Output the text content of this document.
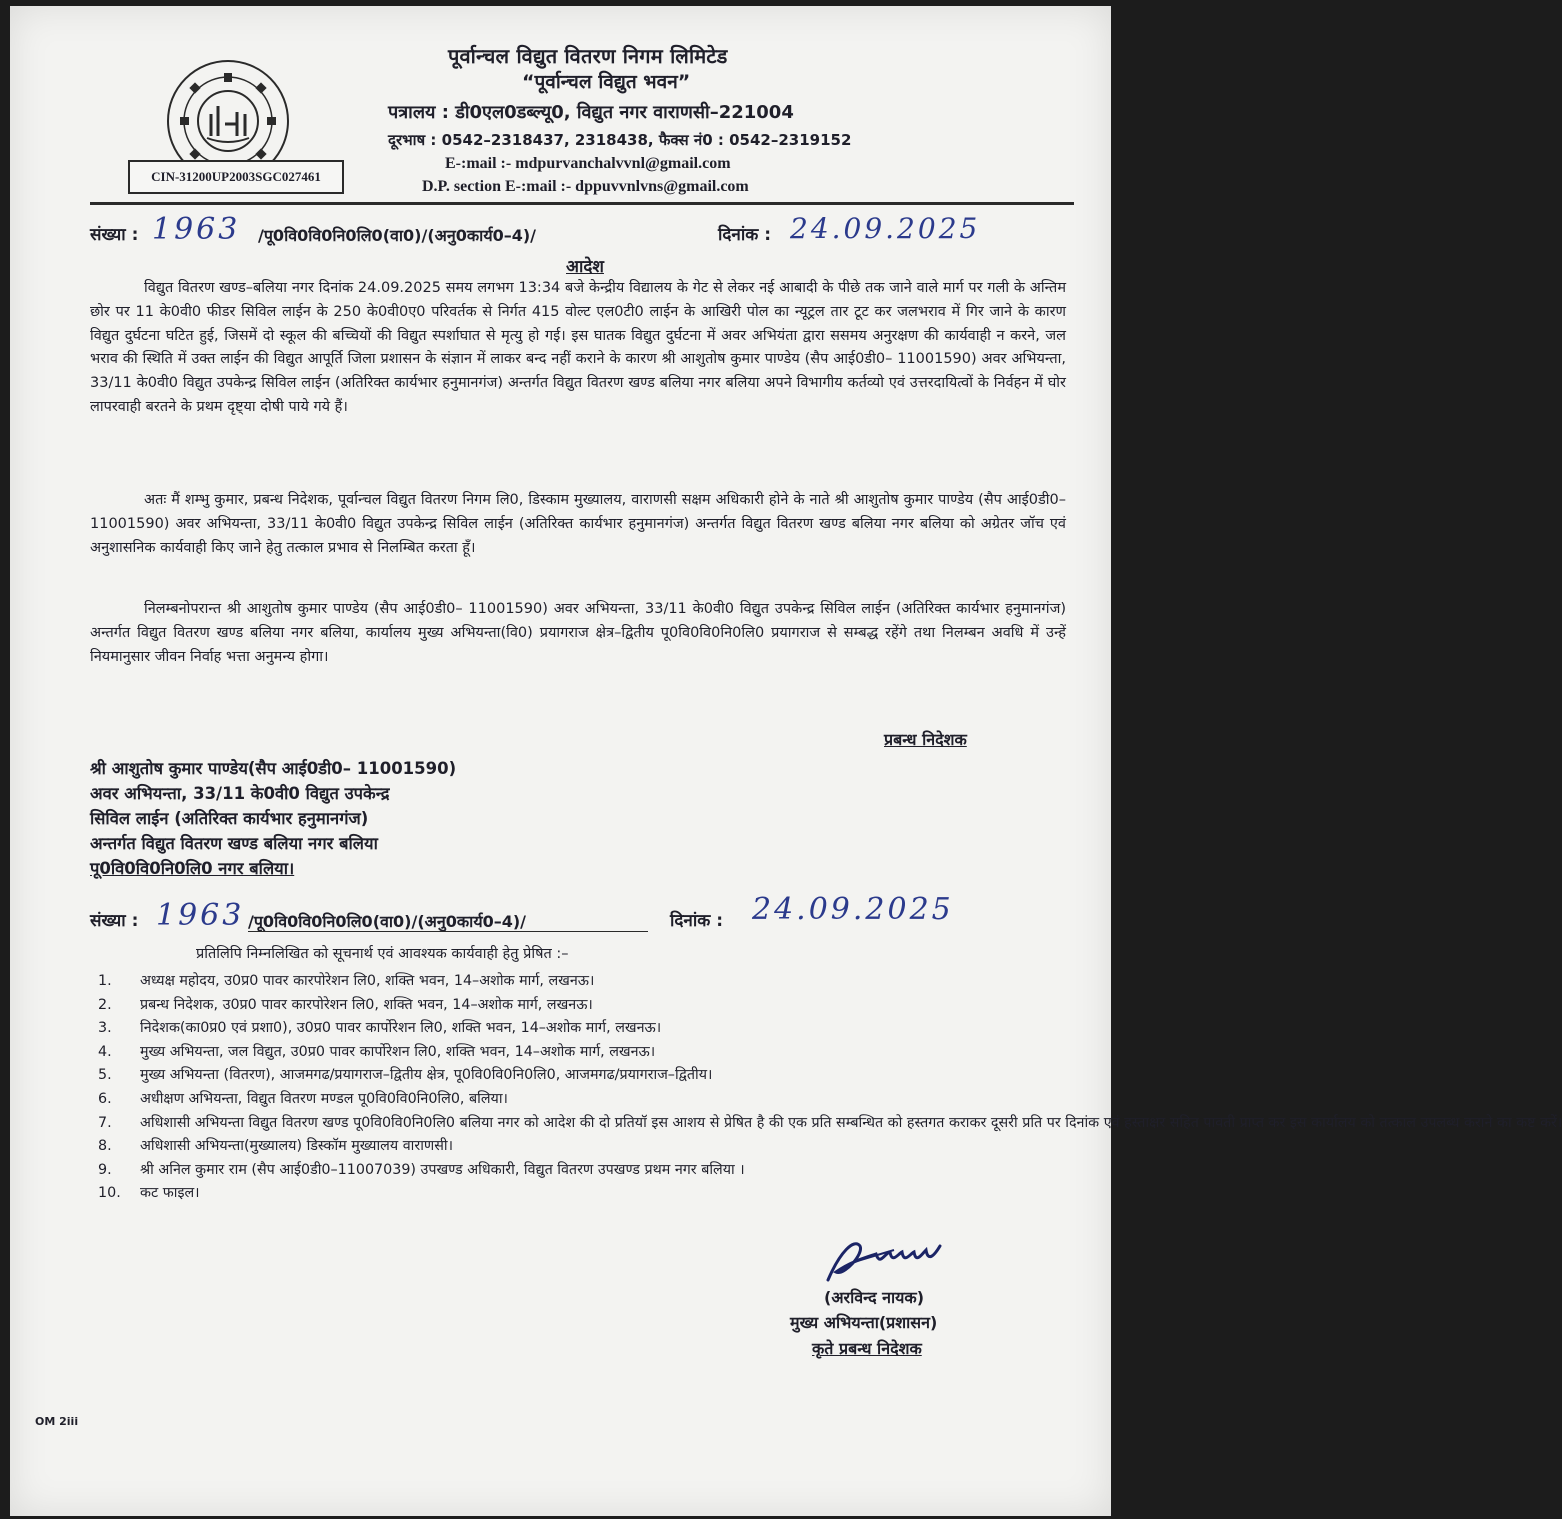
CIN-31200UP2003SGC027461
पूर्वान्चल विद्युत वितरण निगम लिमिटेड
“पूर्वान्चल विद्युत भवन”
पत्रालय : डी0एल0डब्ल्यू0, विद्युत नगर वाराणसी–221004
दूरभाष : 0542–2318437, 2318438, फैक्स नं0 : 0542–2319152
E-:mail :- mdpurvanchalvvnl@gmail.com
D.P. section E-:mail :- dppuvvnlvns@gmail.com
संख्या : 1963 /पू0वि0वि0नि0लि0(वा0)/(अनु0कार्य0–4)/	दिनांक : 24.09.2025
आदेश
विद्युत वितरण खण्ड–बलिया नगर दिनांक 24.09.2025 समय लगभग 13:34 बजे केन्द्रीय विद्यालय के गेट से लेकर नई आबादी के पीछे तक जाने वाले मार्ग पर गली के अन्तिम छोर पर 11 के0वी0 फीडर सिविल लाईन के 250 के0वी0ए0 परिवर्तक से निर्गत 415 वोल्ट एल0टी0 लाईन के आखिरी पोल का न्यूट्रल तार टूट कर जलभराव में गिर जाने के कारण विद्युत दुर्घटना घटित हुई, जिसमें दो स्कूल की बच्चियों की विद्युत स्पर्शाघात से मृत्यु हो गई। इस घातक विद्युत दुर्घटना में अवर अभियंता द्वारा ससमय अनुरक्षण की कार्यवाही न करने, जल भराव की स्थिति में उक्त लाईन की विद्युत आपूर्ति जिला प्रशासन के संज्ञान में लाकर बन्द नहीं कराने के कारण श्री आशुतोष कुमार पाण्डेय (सैप आई0डी0– 11001590) अवर अभियन्ता, 33/11 के0वी0 विद्युत उपकेन्द्र सिविल लाईन (अतिरिक्त कार्यभार हनुमानगंज) अन्तर्गत विद्युत वितरण खण्ड बलिया नगर बलिया अपने विभागीय कर्तव्यो एवं उत्तरदायित्वों के निर्वहन में घोर लापरवाही बरतने के प्रथम दृष्ट्या दोषी पाये गये हैं।
अतः मैं शम्भु कुमार, प्रबन्ध निदेशक, पूर्वान्चल विद्युत वितरण निगम लि0, डिस्काम मुख्यालय, वाराणसी सक्षम अधिकारी होने के नाते श्री आशुतोष कुमार पाण्डेय (सैप आई0डी0–11001590) अवर अभियन्ता, 33/11 के0वी0 विद्युत उपकेन्द्र सिविल लाईन (अतिरिक्त कार्यभार हनुमानगंज) अन्तर्गत विद्युत वितरण खण्ड बलिया नगर बलिया को अग्रेतर जॉच एवं अनुशासनिक कार्यवाही किए जाने हेतु तत्काल प्रभाव से निलम्बित करता हूँ।
निलम्बनोपरान्त श्री आशुतोष कुमार पाण्डेय (सैप आई0डी0– 11001590) अवर अभियन्ता, 33/11 के0वी0 विद्युत उपकेन्द्र सिविल लाईन (अतिरिक्त कार्यभार हनुमानगंज) अन्तर्गत विद्युत वितरण खण्ड बलिया नगर बलिया, कार्यालय मुख्य अभियन्ता(वि0) प्रयागराज क्षेत्र–द्वितीय पू0वि0वि0नि0लि0 प्रयागराज से सम्बद्ध रहेंगे तथा निलम्बन अवधि में उन्हें नियमानुसार जीवन निर्वाह भत्ता अनुमन्य होगा।
प्रबन्ध निदेशक
श्री आशुतोष कुमार पाण्डेय(सैप आई0डी0– 11001590)
अवर अभियन्ता, 33/11 के0वी0 विद्युत उपकेन्द्र
सिविल लाईन (अतिरिक्त कार्यभार हनुमानगंज)
अन्तर्गत विद्युत वितरण खण्ड बलिया नगर बलिया
पू0वि0वि0नि0लि0 नगर बलिया।
संख्या : 1963 /पू0वि0वि0नि0लि0(वा0)/(अनु0कार्य0–4)/	दिनांक : 24.09.2025
प्रतिलिपि निम्नलिखित को सूचनार्थ एवं आवश्यक कार्यवाही हेतु प्रेषित :–
1. अध्यक्ष महोदय, उ0प्र0 पावर कारपोरेशन लि0, शक्ति भवन, 14–अशोक मार्ग, लखनऊ।
2. प्रबन्ध निदेशक, उ0प्र0 पावर कारपोरेशन लि0, शक्ति भवन, 14–अशोक मार्ग, लखनऊ।
3. निदेशक(का0प्र0 एवं प्रशा0), उ0प्र0 पावर कार्पोरेशन लि0, शक्ति भवन, 14–अशोक मार्ग, लखनऊ।
4. मुख्य अभियन्ता, जल विद्युत, उ0प्र0 पावर कार्पोरेशन लि0, शक्ति भवन, 14–अशोक मार्ग, लखनऊ।
5. मुख्य अभियन्ता (वितरण), आजमगढ/प्रयागराज–द्वितीय क्षेत्र, पू0वि0वि0नि0लि0, आजमगढ/प्रयागराज–द्वितीय।
6. अधीक्षण अभियन्ता, विद्युत वितरण मण्डल पू0वि0वि0नि0लि0, बलिया।
7. अधिशासी अभियन्ता विद्युत वितरण खण्ड पू0वि0वि0नि0लि0 बलिया नगर को आदेश की दो प्रतियॉ इस आशय से प्रेषित है की एक प्रति सम्बन्धित को हस्तगत कराकर दूसरी प्रति पर दिनांक एवं हस्ताक्षर सहित पावती प्राप्त कर इस कार्यालय को तत्काल उपलब्ध कराने का कष्ट करें।
8. अधिशासी अभियन्ता(मुख्यालय) डिस्कॉम मुख्यालय वाराणसी।
9. श्री अनिल कुमार राम (सैप आई0डी0–11007039) उपखण्ड अधिकारी, विद्युत वितरण उपखण्ड प्रथम नगर बलिया ।
10. कट फाइल।
(अरविन्द नायक)
मुख्य अभियन्ता(प्रशासन)
कृते प्रबन्ध निदेशक
OM 2iii
